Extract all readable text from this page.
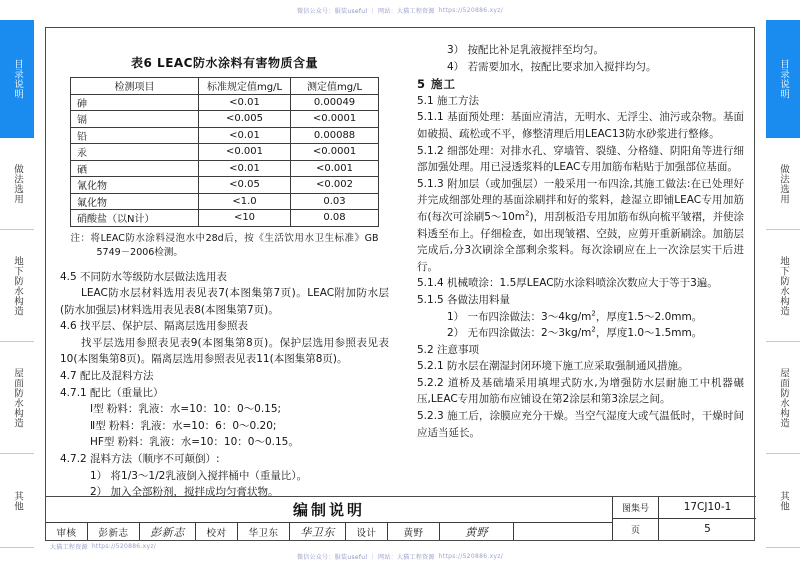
微信公众号：服装useful ｜ 网站：大猫工程资源 https://520886.xyz/
目录说明
做法选用
地下防水构造
屋面防水构造
其他
目录说明
做法选用
地下防水构造
屋面防水构造
其他
表6 LEAC防水涂料有害物质含量
检测项目	标准规定值mg/L	测定值mg/L
砷	<0.01	0.00049
镉	<0.005	<0.0001
铅	<0.01	0.00088
汞	<0.001	<0.0001
硒	<0.01	<0.001
氰化物	<0.05	<0.002
氟化物	<1.0	0.03
硝酸盐（以N计）	<10	0.08
注：将LEAC防水涂料浸泡水中28d后，按《生活饮用水卫生标准》GB 5749－2006检测。
4.5 不同防水等级防水层做法选用表
LEAC防水层材料选用表见表7(本图集第7页)。LEAC附加防水层(防水加强层)材料选用表见表8(本图集第7页)。
4.6 找平层、保护层、隔离层选用参照表
找平层选用参照表见表9(本图集第8页)。保护层选用参照表见表10(本图集第8页)。隔离层选用参照表见表11(本图集第8页)。
4.7 配比及混料方法
4.7.1 配比（重量比）
Ⅰ型 粉料：乳液：水=10：10：0～0.15;
Ⅱ型 粉料：乳液：水=10：6：0～0.20;
HF型 粉料：乳液：水=10：10：0～0.15。
4.7.2 混料方法（顺序不可颠倒）:
1） 将1/3～1/2乳液倒入搅拌桶中（重量比）。
2） 加入全部粉剂，搅拌成均匀膏状物。
3） 按配比补足乳液搅拌至均匀。
4） 若需要加水，按配比要求加入搅拌均匀。
5 施工
5.1 施工方法
5.1.1 基面预处理：基面应清洁，无明水、无浮尘、油污或杂物。基面如破损、疏松或不平，修整清理后用LEAC13防水砂浆进行整修。
5.1.2 细部处理：对排水孔、穿墙管、裂缝、分格缝、阴阳角等进行细部加强处理。用已浸透浆料的LEAC专用加筋布粘贴于加强部位基面。
5.1.3 附加层（或加强层）一般采用一布四涂,其施工做法:在已处理好并完成细部处理的基面涂刷拌和好的浆料，趁湿立即铺LEAC专用加筋布(每次可涂刷$5\sim 10m^2$)，用刮板沿专用加筋布纵向梳平皱褶，并使涂料透至布上。仔细检查，如出现皱褶、空鼓，应剪开重新刷涂。加筋层完成后,分3次刷涂全部剩余浆料。每次涂刷应在上一次涂层实干后进行。
5.1.4 机械喷涂：1.5厚LEAC防水涂料喷涂次数应大于等于3遍。
5.1.5 各做法用料量
1） 一布四涂做法：$3\sim 4kg/m^2$，厚度1.5～2.0mm。
2） 无布四涂做法：$2\sim 3kg/m^2$，厚度1.0～1.5mm。
5.2 注意事项
5.2.1 防水层在潮湿封闭环境下施工应采取强制通风措施。
5.2.2 道桥及基础墙采用填埋式防水,为增强防水层耐施工中机器碾压,LEAC专用加筋布应铺设在第2涂层和第3涂层之间。
5.2.3 施工后，涂膜应充分干燥。当空气湿度大或气温低时，干燥时间应适当延长。
编制说明
审核	彭新志	彭新志	校对	华卫东	华卫东	设计	黄野	黄野
图集号	17CJ10-1
页	5
大猫工程资源 https://520886.xyz/
微信公众号：服装useful ｜ 网站：大猫工程资源 https://520886.xyz/
